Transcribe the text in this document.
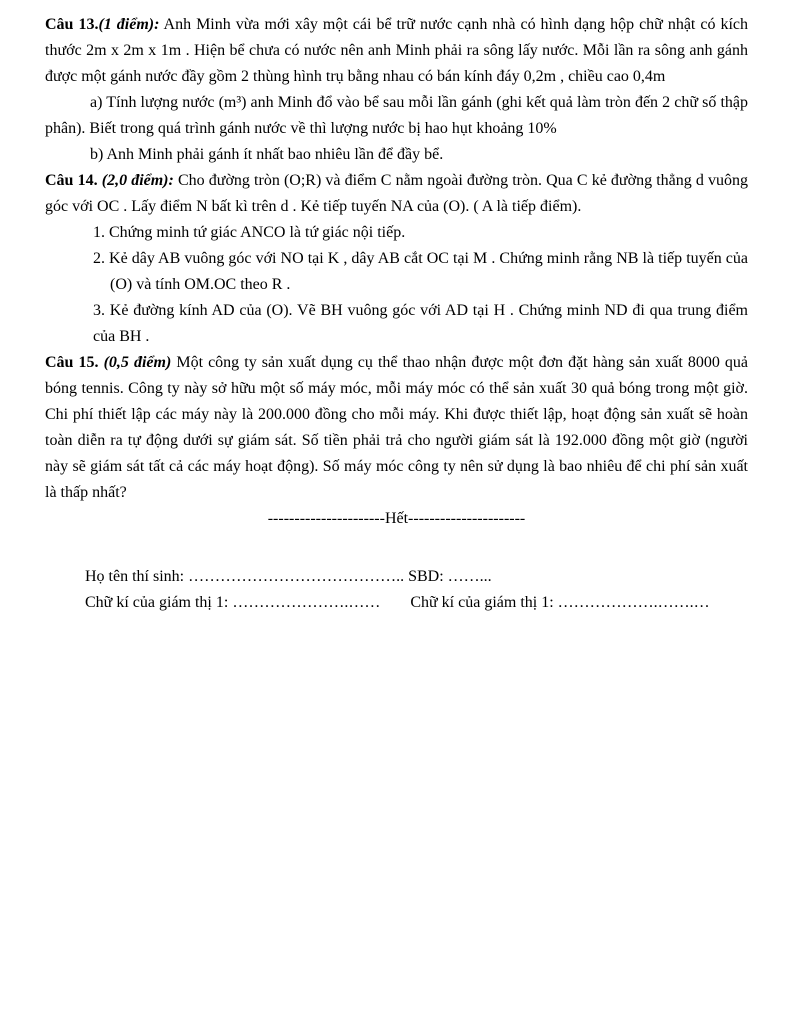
Câu 13.(1 điểm): Anh Minh vừa mới xây một cái bể trữ nước cạnh nhà có hình dạng hộp chữ nhật có kích thước 2m x 2m x 1m . Hiện bể chưa có nước nên anh Minh phải ra sông lấy nước. Mỗi lần ra sông anh gánh được một gánh nước đầy gồm 2 thùng hình trụ bằng nhau có bán kính đáy 0,2m , chiều cao 0,4m

a) Tính lượng nước (m³) anh Minh đổ vào bể sau mỗi lần gánh (ghi kết quả làm tròn đến 2 chữ số thập phân). Biết trong quá trình gánh nước về thì lượng nước bị hao hụt khoảng 10%

b) Anh Minh phải gánh ít nhất bao nhiêu lần để đầy bể.

Câu 14. (2,0 điểm): Cho đường tròn (O;R) và điểm C nằm ngoài đường tròn. Qua C kẻ đường thẳng d vuông góc với OC . Lấy điểm N bất kì trên d . Kẻ tiếp tuyến NA của (O). ( A là tiếp điểm).

1. Chứng minh tứ giác ANCO là tứ giác nội tiếp.

2. Kẻ dây AB vuông góc với NO tại K , dây AB cắt OC tại M . Chứng minh rằng NB là tiếp tuyến của (O) và tính OM.OC theo R .

3. Kẻ đường kính AD của (O). Vẽ BH vuông góc với AD tại H . Chứng minh ND đi qua trung điểm của BH .

Câu 15. (0,5 điểm) Một công ty sản xuất dụng cụ thể thao nhận được một đơn đặt hàng sản xuất 8000 quả bóng tennis. Công ty này sở hữu một số máy móc, mỗi máy móc có thể sản xuất 30 quả bóng trong một giờ. Chi phí thiết lập các máy này là 200.000 đồng cho mỗi máy. Khi được thiết lập, hoạt động sản xuất sẽ hoàn toàn diễn ra tự động dưới sự giám sát. Số tiền phải trả cho người giám sát là 192.000 đồng một giờ (người này sẽ giám sát tất cả các máy hoạt động). Số máy móc công ty nên sử dụng là bao nhiêu để chi phí sản xuất là thấp nhất?

----------------------Hết----------------------

Họ tên thí sinh: ………………………………….. SBD: ……...

Chữ kí của giám thị 1: ………………….…… Chữ kí của giám thị 1: ……………….…….…
